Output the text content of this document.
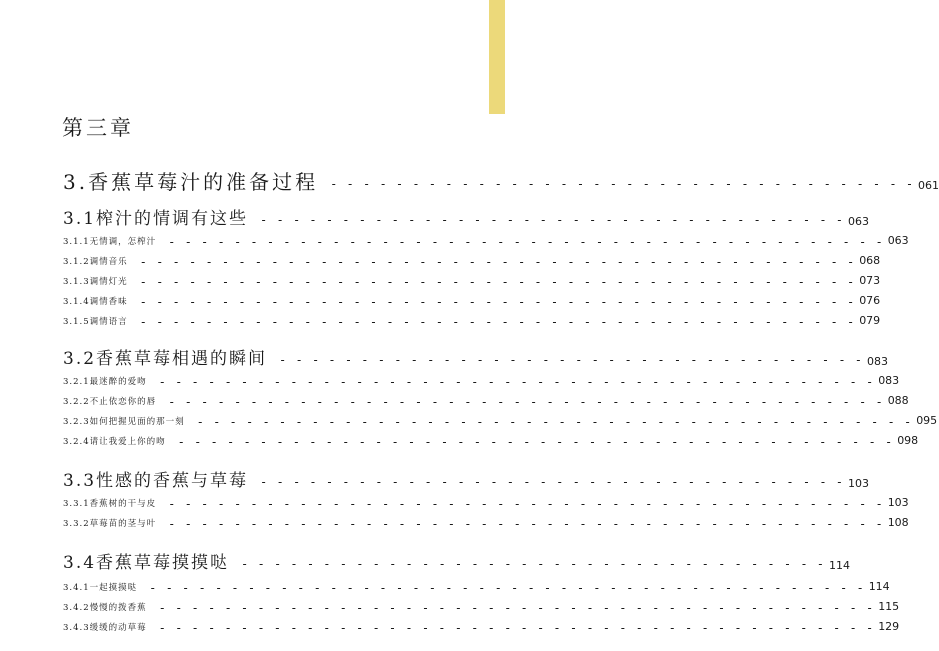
第三章
3.香蕉草莓汁的准备过程 - - - - - - - - - - - - - - - - - - - - - - - - - - - - - - - - - - - - 061
3.1榨汁的情调有这些 - - - - - - - - - - - - - - - - - - - - - - - - - - - - - - - - - - - - 063
3.1.1无情调，怎榨汁 - - - - - - - - - - - - - - - - - - - - - - - - - - - - - - - - - - - - - - - - - - - - 063
3.1.2调情音乐 - - - - - - - - - - - - - - - - - - - - - - - - - - - - - - - - - - - - - - - - - - - - 068
3.1.3调情灯光 - - - - - - - - - - - - - - - - - - - - - - - - - - - - - - - - - - - - - - - - - - - - 073
3.1.4调情香味 - - - - - - - - - - - - - - - - - - - - - - - - - - - - - - - - - - - - - - - - - - - - 076
3.1.5调情语言 - - - - - - - - - - - - - - - - - - - - - - - - - - - - - - - - - - - - - - - - - - - - 079
3.2香蕉草莓相遇的瞬间 - - - - - - - - - - - - - - - - - - - - - - - - - - - - - - - - - - - - 083
3.2.1最迷醉的爱吻 - - - - - - - - - - - - - - - - - - - - - - - - - - - - - - - - - - - - - - - - - - - - 083
3.2.2不止依恋你的唇 - - - - - - - - - - - - - - - - - - - - - - - - - - - - - - - - - - - - - - - - - - - - 088
3.2.3如何把握见面的那一刻 - - - - - - - - - - - - - - - - - - - - - - - - - - - - - - - - - - - - - - - - - - - - 095
3.2.4请让我爱上你的吻 - - - - - - - - - - - - - - - - - - - - - - - - - - - - - - - - - - - - - - - - - - - - 098
3.3性感的香蕉与草莓 - - - - - - - - - - - - - - - - - - - - - - - - - - - - - - - - - - - - 103
3.3.1香蕉树的干与皮 - - - - - - - - - - - - - - - - - - - - - - - - - - - - - - - - - - - - - - - - - - - - 103
3.3.2草莓苗的茎与叶 - - - - - - - - - - - - - - - - - - - - - - - - - - - - - - - - - - - - - - - - - - - - 108
3.4香蕉草莓摸摸哒 - - - - - - - - - - - - - - - - - - - - - - - - - - - - - - - - - - - - 114
3.4.1一起摸摸哒 - - - - - - - - - - - - - - - - - - - - - - - - - - - - - - - - - - - - - - - - - - - - 114
3.4.2慢慢的拨香蕉 - - - - - - - - - - - - - - - - - - - - - - - - - - - - - - - - - - - - - - - - - - - - 115
3.4.3缓缓的动草莓 - - - - - - - - - - - - - - - - - - - - - - - - - - - - - - - - - - - - - - - - - - - - 129
